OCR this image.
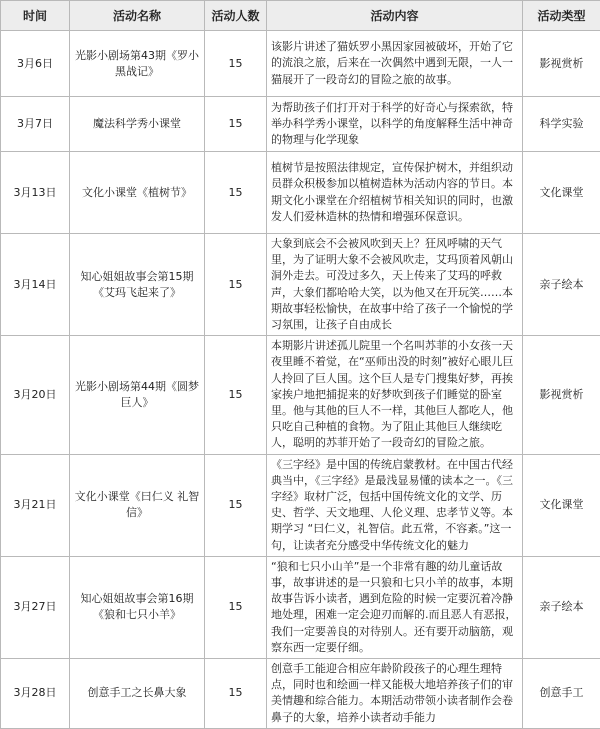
时间	活动名称	活动人数	活动内容	活动类型
3月6日	光影小剧场第43期《罗小黑战记》	15	该影片讲述了猫妖罗小黑因家园被破坏，开始了它的流浪之旅，后来在一次偶然中遇到无限，一人一猫展开了一段奇幻的冒险之旅的故事。	影视赏析
3月7日	魔法科学秀小课堂	15	为帮助孩子们打开对于科学的好奇心与探索欲，特举办科学秀小课堂，以科学的角度解释生活中神奇的物理与化学现象	科学实验
3月13日	文化小课堂《植树节》	15	植树节是按照法律规定，宣传保护树木，并组织动员群众积极参加以植树造林为活动内容的节日。本期文化小课堂在介绍植树节相关知识的同时，也激发人们爱林造林的热情和增强环保意识。	文化课堂
3月14日	知心姐姐故事会第15期《艾玛飞起来了》	15	大象到底会不会被风吹到天上？狂风呼啸的天气里，为了证明大象不会被风吹走，艾玛顶着风朝山洞外走去。可没过多久，天上传来了艾玛的呼救声，大象们都哈哈大笑，以为他又在开玩笑……本期故事轻松愉快，在故事中给了孩子一个愉悦的学习氛围，让孩子自由成长	亲子绘本
3月20日	光影小剧场第44期《圆梦巨人》	15	本期影片讲述孤儿院里一个名叫苏菲的小女孩一天夜里睡不着觉，在“巫师出没的时刻”被好心眼儿巨人拎回了巨人国。这个巨人是专门搜集好梦，再挨家挨户地把捕捉来的好梦吹到孩子们睡觉的卧室里。他与其他的巨人不一样，其他巨人都吃人，他只吃自己种植的食物。为了阻止其他巨人继续吃人，聪明的苏菲开始了一段奇幻的冒险之旅。	影视赏析
3月21日	文化小课堂《曰仁义 礼智信》	15	《三字经》是中国的传统启蒙教材。在中国古代经典当中，《三字经》是最浅显易懂的读本之一。《三字经》取材广泛，包括中国传统文化的文学、历史、哲学、天文地理、人伦义理、忠孝节义等。本期学习 “曰仁义，礼智信。此五常，不容紊。”这一句，让读者充分感受中华传统文化的魅力	文化课堂
3月27日	知心姐姐故事会第16期《狼和七只小羊》	15	“狼和七只小山羊”是一个非常有趣的幼儿童话故事，故事讲述的是一只狼和七只小羊的故事，本期故事告诉小读者，遇到危险的时候一定要沉着冷静地处理，困难一定会迎刃而解的.而且恶人有恶报，我们一定要善良的对待别人。还有要开动脑筋，观察东西一定要仔细。	亲子绘本
3月28日	创意手工之长鼻大象	15	创意手工能迎合相应年龄阶段孩子的心理生理特点，同时也和绘画一样又能极大地培养孩子们的审美情趣和综合能力。本期活动带领小读者制作会卷鼻子的大象，培养小读者动手能力	创意手工
